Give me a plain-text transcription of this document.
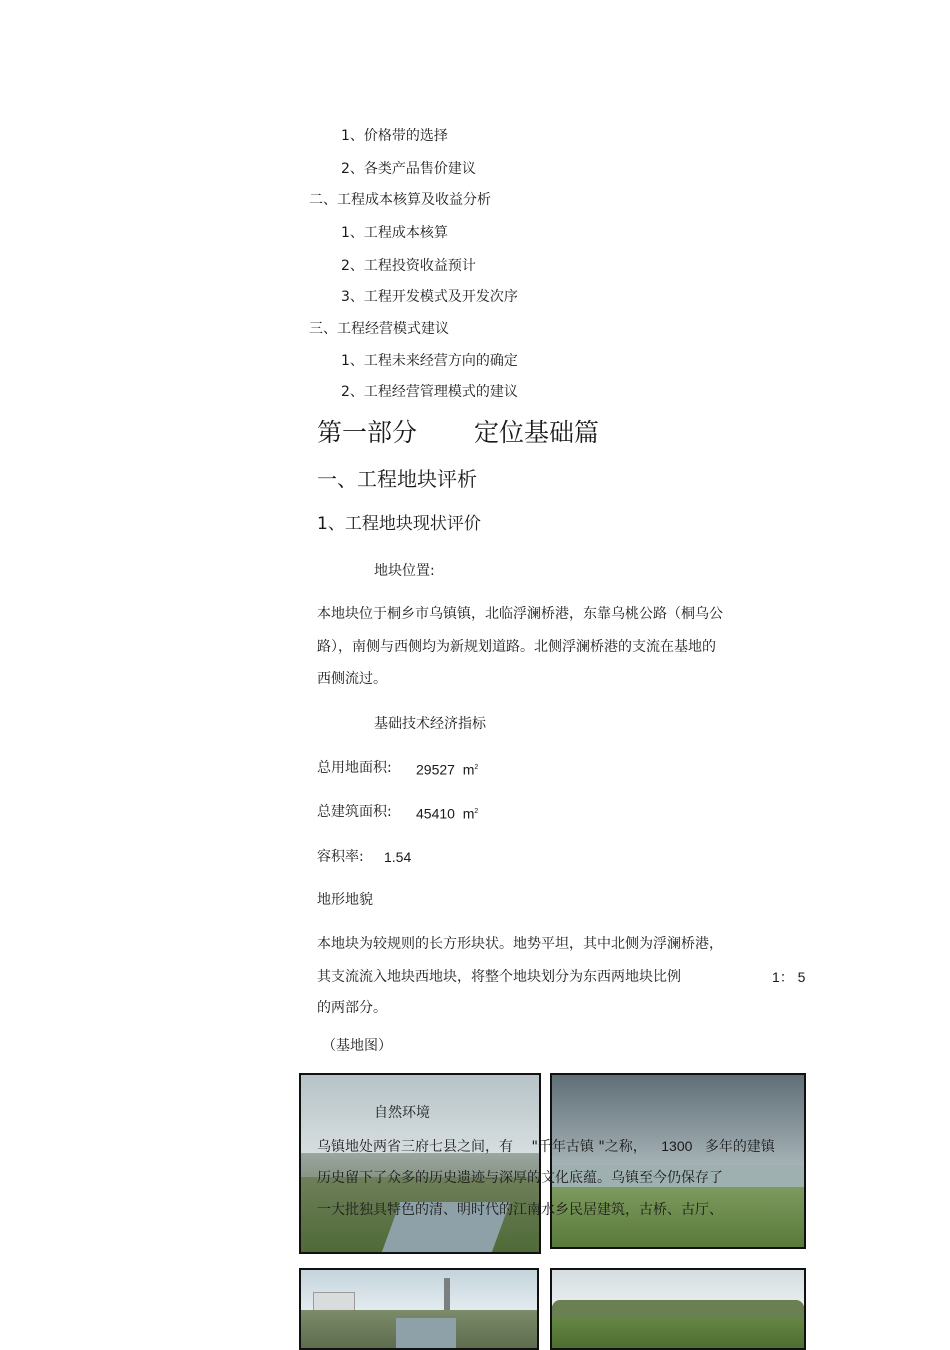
1、价格带的选择
2、各类产品售价建议
二、工程成本核算及收益分析
1、工程成本核算
2、工程投资收益预计
3、工程开发模式及开发次序
三、工程经营模式建议
1、工程未来经营方向的确定
2、工程经营管理模式的建议
第一部分 定位基础篇
一、工程地块评析
1、工程地块现状评价
地块位置:
本地块位于桐乡市乌镇镇，北临浮澜桥港，东靠乌桃公路（桐乌公
路），南侧与西侧均为新规划道路。北侧浮澜桥港的支流在基地的
西侧流过。
基础技术经济指标
总用地面积: 29527 $m^2$
总建筑面积: 45410 $m^2$
容积率: 1.54
地形地貌
本地块为较规则的长方形块状。地势平坦，其中北侧为浮澜桥港，
其支流流入地块西地块，将整个地块划分为东西两地块比例	1： 5
的两部分。
（基地图）
自然环境
乌镇地处两省三府七县之间，有 "千年古镇 "之称， 1300 多年的建镇
历史留下了众多的历史遗迹与深厚的文化底蕴。乌镇至今仍保存了
一大批独具特色的清、明时代的江南水乡民居建筑，古桥、古厅、
